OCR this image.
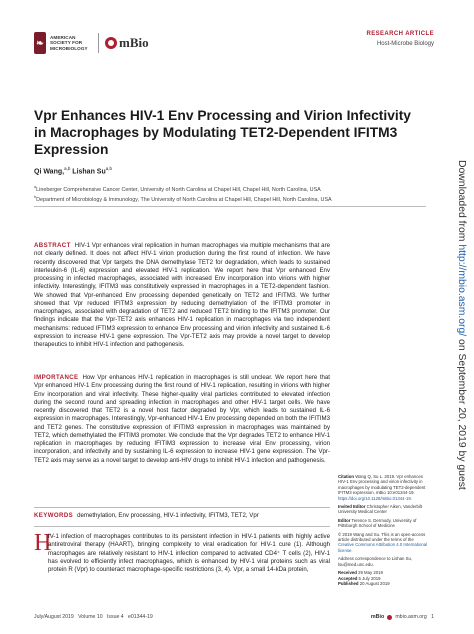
❧	AMERICAN SOCIETY FOR MICROBIOLOGY	mBio
RESEARCH ARTICLE
Host-Microbe Biology
Vpr Enhances HIV-1 Env Processing and Virion Infectivity in Macrophages by Modulating TET2-Dependent IFITM3 Expression
Qi Wang,$^{a,b}$ Lishan Su$^{a,b}$
$^a$Lineberger Comprehensive Cancer Center, University of North Carolina at Chapel Hill, Chapel Hill, North Carolina, USA
$^b$Department of Microbiology & Immunology, The University of North Carolina at Chapel Hill, Chapel Hill, North Carolina, USA
ABSTRACT HIV-1 Vpr enhances viral replication in human macrophages via multiple mechanisms that are not clearly defined. It does not affect HIV-1 virion production during the first round of infection. We have recently discovered that Vpr targets the DNA demethylase TET2 for degradation, which leads to sustained interleukin-6 (IL-6) expression and elevated HIV-1 replication. We report here that Vpr enhanced Env processing in infected macrophages, associated with increased Env incorporation into virions with higher infectivity. Interestingly, IFITM3 was constitutively expressed in macrophages in a TET2-dependent fashion. We showed that Vpr-enhanced Env processing depended genetically on TET2 and IFITM3. We further showed that Vpr reduced IFITM3 expression by reducing demethylation of the IFITM3 promoter in macrophages, associated with degradation of TET2 and reduced TET2 binding to the IFITM3 promoter. Our findings indicate that the Vpr-TET2 axis enhances HIV-1 replication in macrophages via two independent mechanisms: reduced IFTIM3 expression to enhance Env processing and virion infectivity and sustained IL-6 expression to increase HIV-1 gene expression. The Vpr-TET2 axis may provide a novel target to develop therapeutics to inhibit HIV-1 infection and pathogenesis.
IMPORTANCE How Vpr enhances HIV-1 replication in macrophages is still unclear. We report here that Vpr enhanced HIV-1 Env processing during the first round of HIV-1 replication, resulting in virions with higher Env incorporation and viral infectivity. These higher-quality viral particles contributed to elevated infection during the second round and spreading infection in macrophages and other HIV-1 target cells. We have recently discovered that TET2 is a novel host factor degraded by Vpr, which leads to sustained IL-6 expression in macrophages. Interestingly, Vpr-enhanced HIV-1 Env processing depended on both the IFITIM3 and TET2 genes. The constitutive expression of IFITIM3 expression in macrophages was maintained by TET2, which demethylated the IFITIM3 promoter. We conclude that the Vpr degrades TET2 to enhance HIV-1 replication in macrophages by reducing IFITIM3 expression to increase viral Env processing, virion incorporation, and infectivity and by sustaining IL-6 expression to increase HIV-1 gene expression. The Vpr-TET2 axis may serve as a novel target to develop anti-HIV drugs to inhibit HIV-1 infection and pathogenesis.
KEYWORDS demethylation, Env processing, HIV-1 infectivity, IFITM3, TET2, Vpr
H
IV-1 infection of macrophages contributes to its persistent infection in HIV-1 patients with highly active antiretroviral therapy (HAART), bringing complexity to viral eradication for HIV-1 cure (1). Although macrophages are relatively resistant to HIV-1 infection compared to activated CD4⁺ T cells (2), HIV-1 has evolved to efficiently infect macrophages, which is enhanced by HIV-1 viral proteins such as viral protein R (Vpr) to counteract macrophage-specific restrictions (3, 4). Vpr, a small 14-kDa protein,
Citation Wang Q, Su L. 2019. Vpr enhances HIV-1 Env processing and virion infectivity in macrophages by modulating TET2-dependent IFITM3 expression. mBio 10:e01344-19. https://doi.org/10.1128/mBio.01344-19.
Invited Editor Christopher Aiken, Vanderbilt University Medical Center
Editor Terence S. Dermody, University of Pittsburgh School of Medicine
© 2019 Wang and Su. This is an open-access article distributed under the terms of the Creative Commons Attribution 4.0 International license.
Address correspondence to Lishan Su, lsu@med.unc.edu.
Received 29 May 2019
Accepted 5 July 2019
Published 20 August 2019
Downloaded from http://mbio.asm.org/ on September 20, 2019 by guest
July/August 2019   Volume 10   Issue 4   e01344-19	mBio mbio.asm.org   1
